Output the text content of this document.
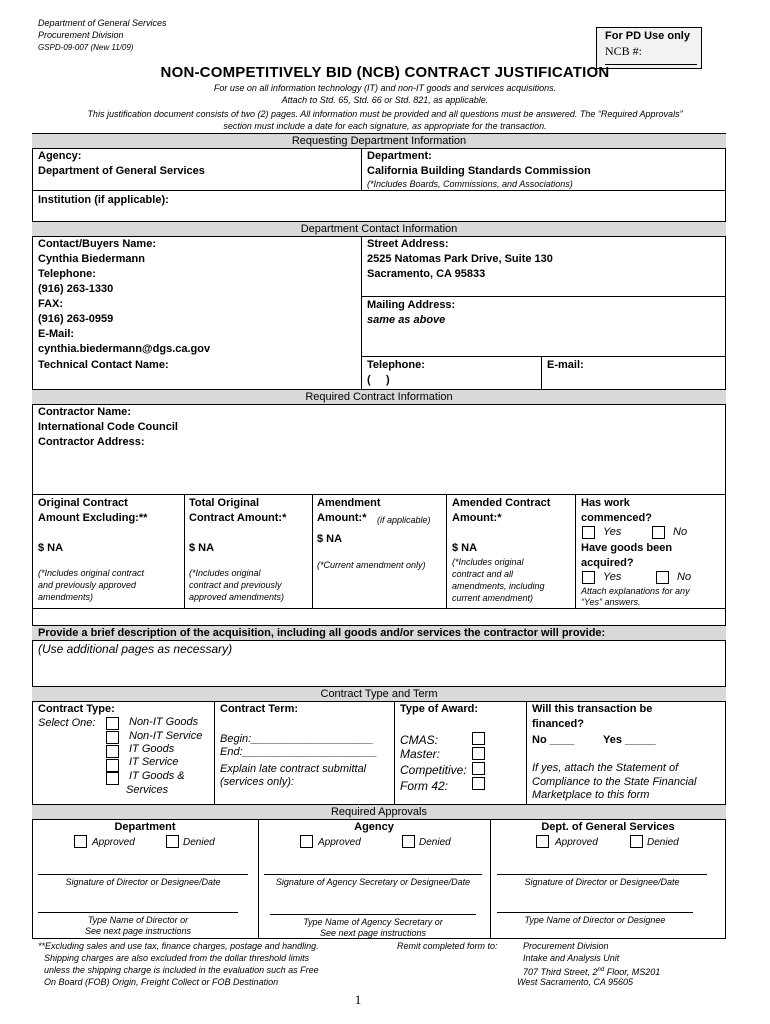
Department of General Services
Procurement Division
GSPD-09-007 (New 11/09)
For PD Use only
NCB #:
NON-COMPETITIVELY BID (NCB) CONTRACT JUSTIFICATION
For use on all information technology (IT) and non-IT goods and services acquisitions.
Attach to Std. 65, Std. 66 or Std. 821, as applicable.
This justification document consists of two (2) pages. All information must be provided and all questions must be answered. The “Required Approvals”
section must include a date for each signature, as appropriate for the transaction.
Requesting Department Information
Agency:
Department of General Services
Department:
California Building Standards Commission
(*Includes Boards, Commissions, and Associations)
Institution (if applicable):
Department Contact Information
Contact/Buyers Name:
Cynthia Biedermann
Telephone:
(916) 263-1330
FAX:
(916) 263-0959
E-Mail:
cynthia.biedermann@dgs.ca.gov
Technical Contact Name:
Street Address:
2525 Natomas Park Drive, Suite 130
Sacramento, CA 95833
Mailing Address:
same as above
Telephone:
(     )
E-mail:
Required Contract Information
Contractor Name:
International Code Council
Contractor Address:
Original Contract
Amount Excluding:**
$ NA
(*Includes original contract
and previously approved
amendments)
Total Original
Contract Amount:*
$ NA
(*Includes original
contract and previously
approved amendments)
Amendment
Amount:* (if applicable)
$ NA
(*Current amendment only)
Amended Contract
Amount:*
$ NA
(*Includes original
contract and all
amendments, including
current amendment)
Has work
commenced?
Yes	No
Have goods been
acquired?
Yes	No
Attach explanations for any
“Yes” answers.
Provide a brief description of the acquisition, including all goods and/or services the contractor will provide:
(Use additional pages as necessary)
Contract Type and Term
Contract Type:
Select One:	Non-IT Goods
Non-IT Service
IT Goods
IT Service
IT Goods &
Services
Contract Term:
Begin:____________________
End:______________________
Explain late contract submittal
(services only):
Type of Award:
CMAS:
Master:
Competitive:
Form 42:
Will this transaction be
financed?
No ____	Yes _____
If yes, attach the Statement of
Compliance to the State Financial
Marketplace to this form
Required Approvals
Department	Agency	Dept. of General Services
Approved	Denied	Approved	Denied	Approved	Denied
Signature of Director or Designee/Date	Signature of Agency Secretary or Designee/Date	Signature of Director or Designee/Date
Type Name of Director or
See next page instructions
Type Name of Agency Secretary or
See next page instructions
Type Name of Director or Designee
**Excluding sales and use tax, finance charges, postage and handling.
Shipping charges are also excluded from the dollar threshold limits
unless the shipping charge is included in the evaluation such as Free
On Board (FOB) Origin, Freight Collect or FOB Destination
Remit completed form to:	Procurement Division
Intake and Analysis Unit
707 Third Street, 2nd Floor, MS201
West Sacramento, CA 95605
1
